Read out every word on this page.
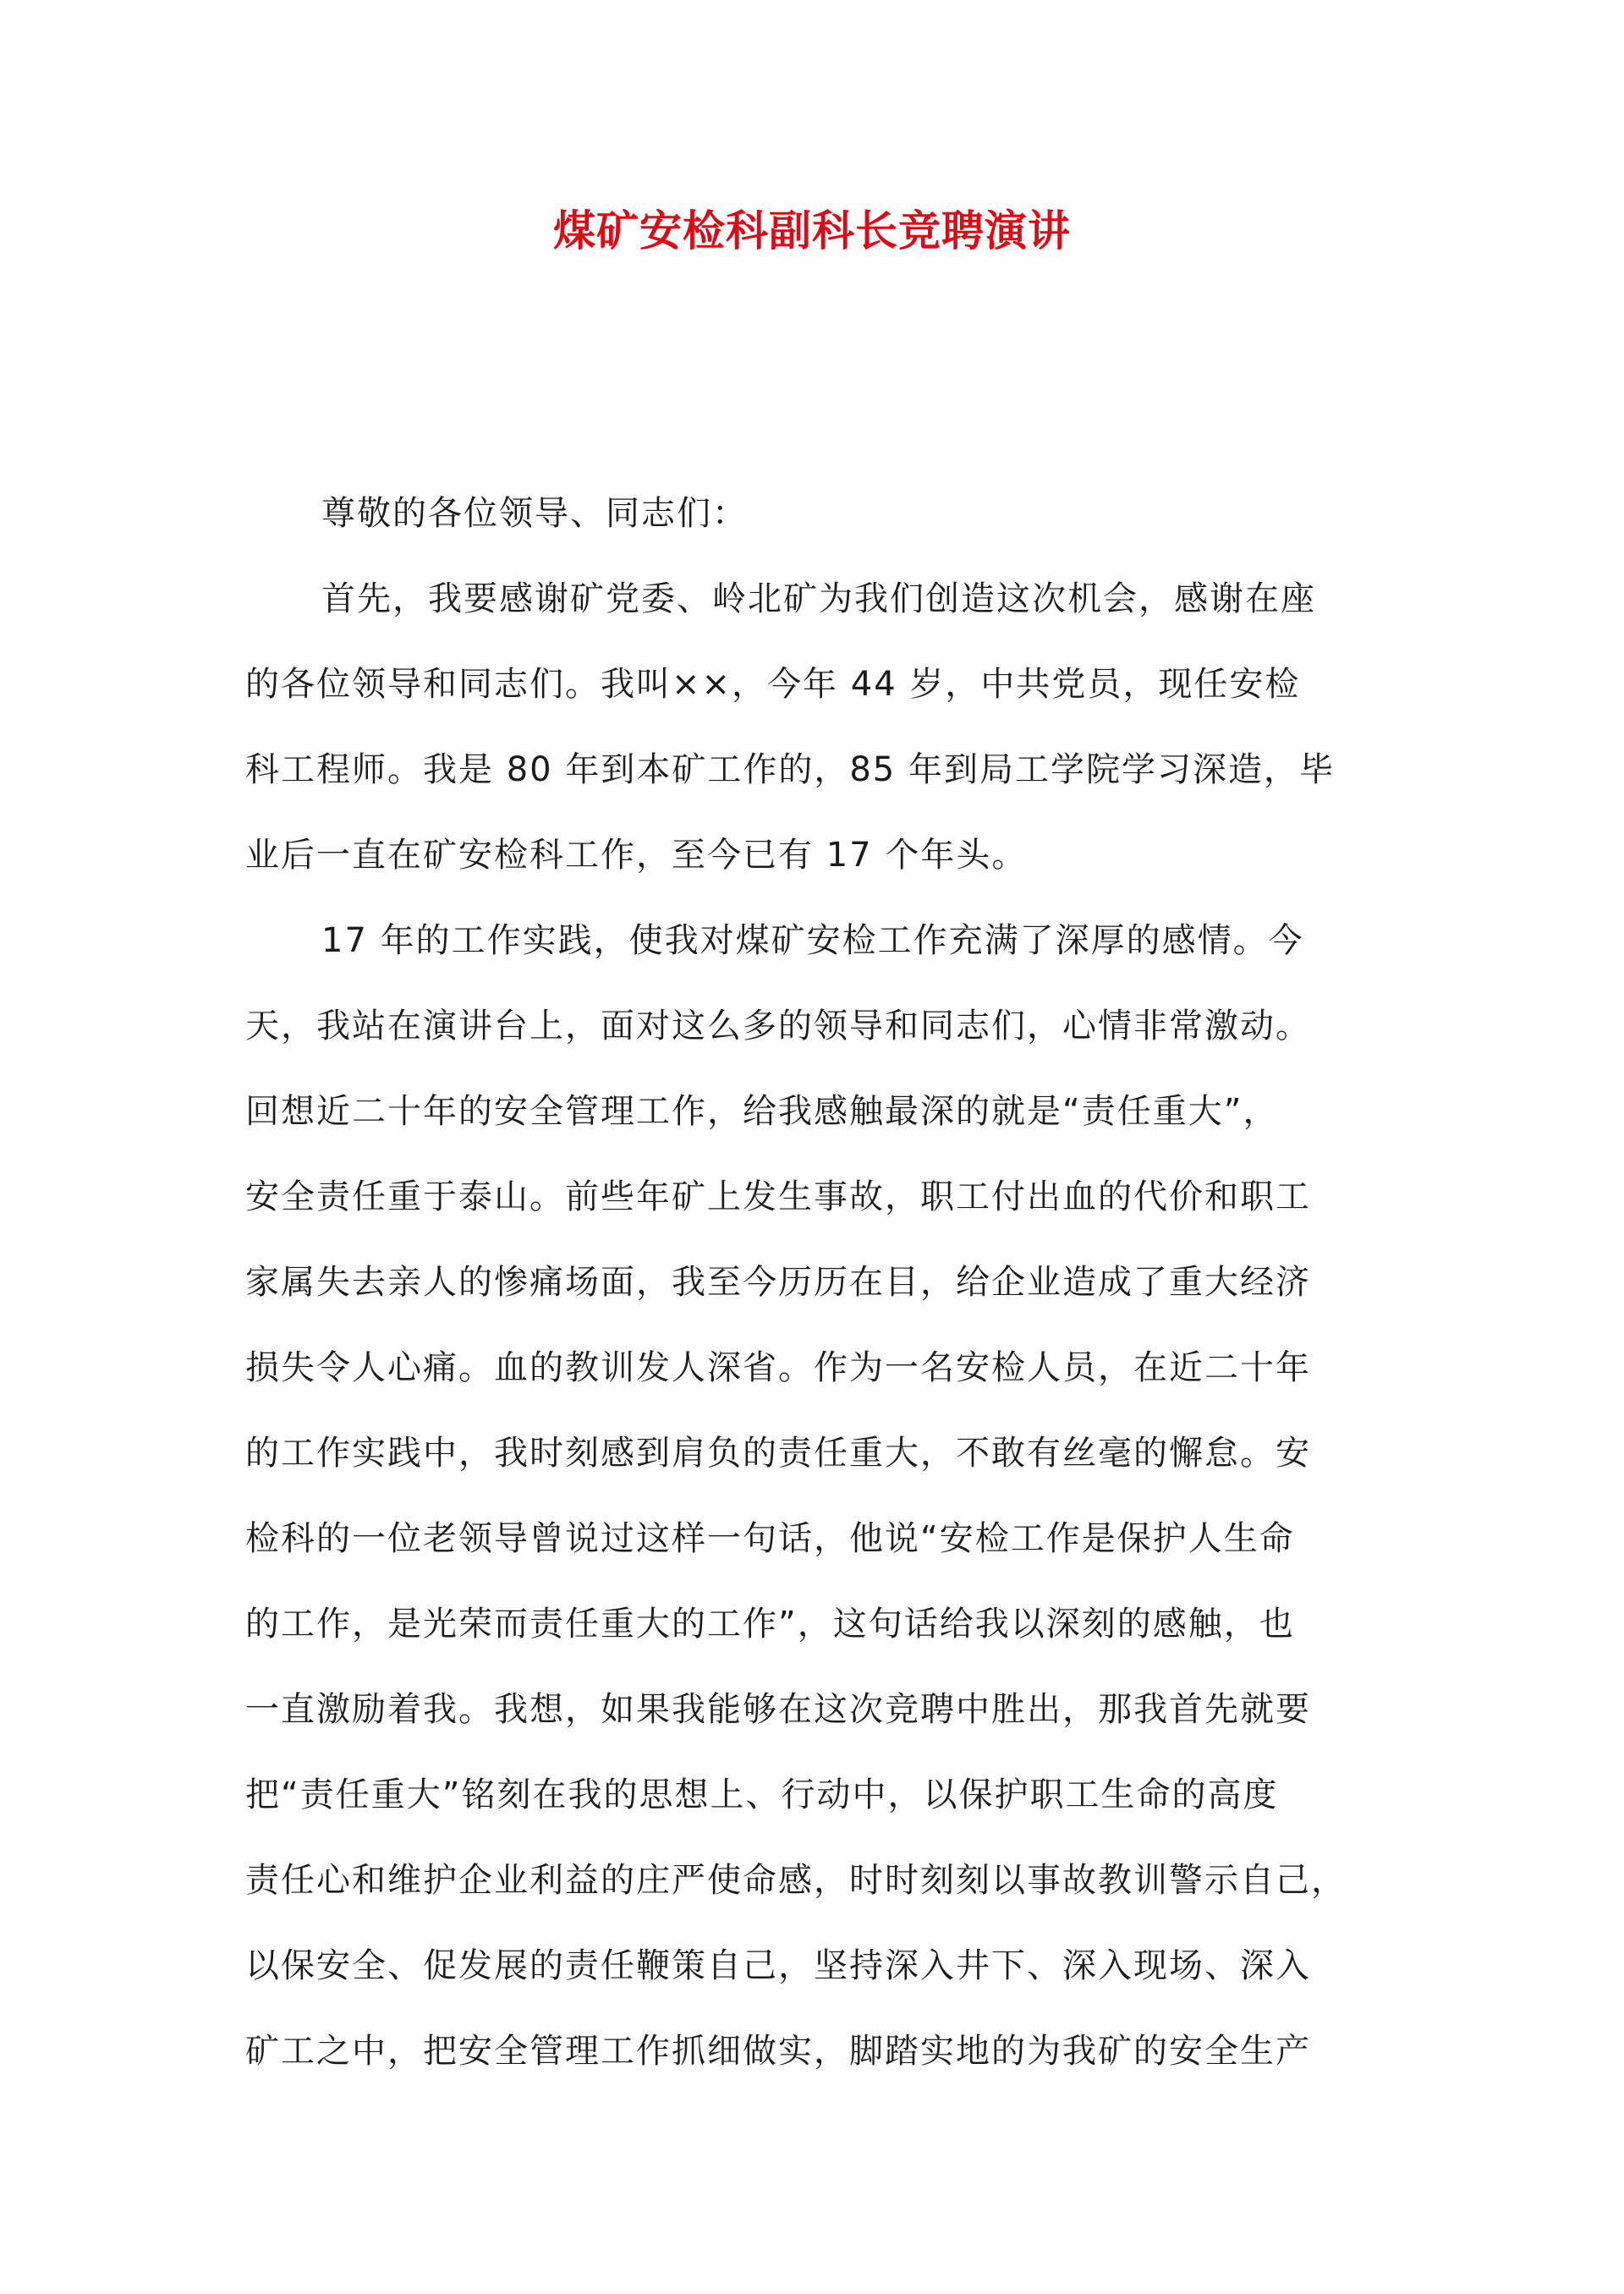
煤矿安检科副科长竞聘演讲
尊敬的各位领导、同志们：
首先，我要感谢矿党委、岭北矿为我们创造这次机会，感谢在座
的各位领导和同志们。我叫××，今年 44 岁，中共党员，现任安检
科工程师。我是 80 年到本矿工作的，85 年到局工学院学习深造，毕
业后一直在矿安检科工作，至今已有 17 个年头。
17 年的工作实践，使我对煤矿安检工作充满了深厚的感情。今
天，我站在演讲台上，面对这么多的领导和同志们，心情非常激动。
回想近二十年的安全管理工作，给我感触最深的就是“责任重大”，
安全责任重于泰山。前些年矿上发生事故，职工付出血的代价和职工
家属失去亲人的惨痛场面，我至今历历在目，给企业造成了重大经济
损失令人心痛。血的教训发人深省。作为一名安检人员，在近二十年
的工作实践中，我时刻感到肩负的责任重大，不敢有丝毫的懈怠。安
检科的一位老领导曾说过这样一句话，他说“安检工作是保护人生命
的工作，是光荣而责任重大的工作”，这句话给我以深刻的感触，也
一直激励着我。我想，如果我能够在这次竞聘中胜出，那我首先就要
把“责任重大”铭刻在我的思想上、行动中，以保护职工生命的高度
责任心和维护企业利益的庄严使命感，时时刻刻以事故教训警示自己，
以保安全、促发展的责任鞭策自己，坚持深入井下、深入现场、深入
矿工之中，把安全管理工作抓细做实，脚踏实地的为我矿的安全生产
